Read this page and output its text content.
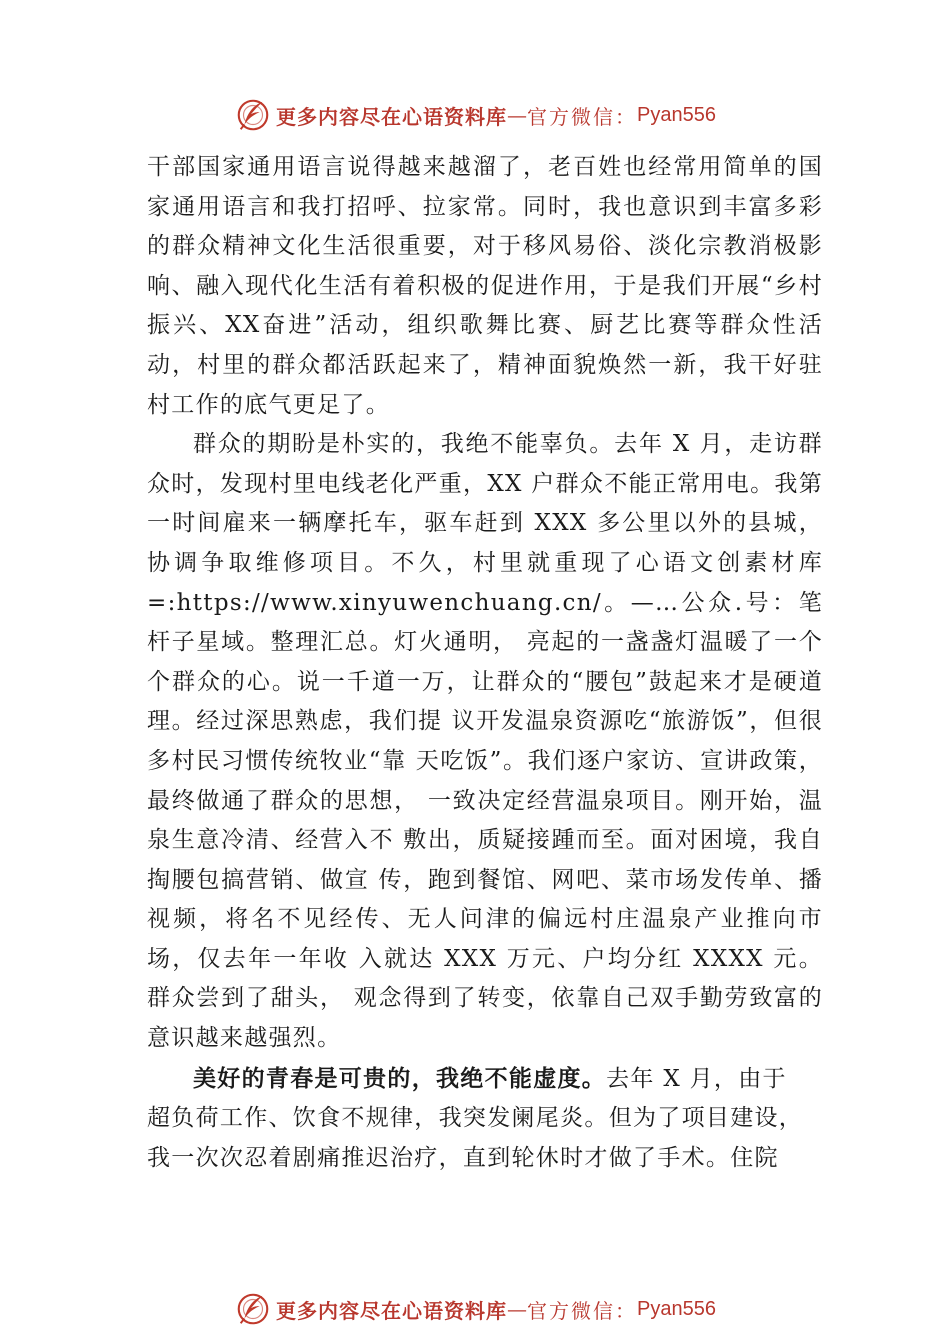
更多内容尽在心语资料库 — 官方微信： Pyan556

干部国家通用语言说得越来越溜了，老百姓也经常用简单的国家通用语言和我打招呼、拉家常。同时，我也意识到丰富多彩的群众精神文化生活很重要，对于移风易俗、淡化宗教消极影响、融入现代化生活有着积极的促进作用，于是我们开展“乡村振兴、XX奋进”活动，组织歌舞比赛、厨艺比赛等群众性活动，村里的群众都活跃起来了，精神面貌焕然一新，我干好驻村工作的底气更足了。

群众的期盼是朴实的，我绝不能辜负。去年 X 月，走访群众时，发现村里电线老化严重，XX 户群众不能正常用电。我第一时间雇来一辆摩托车，驱车赶到 XXX 多公里以外的县城，协调争取维修项目。不久，村里就重现了心语文创素材库=:https://www.xinyuwenchuang.cn/。—…公众.号：笔杆子星域。整理汇总。灯火通明， 亮起的一盏盏灯温暖了一个个群众的心。说一千道一万，让群众的“腰包”鼓起来才是硬道理。经过深思熟虑，我们提 议开发温泉资源吃“旅游饭”，但很多村民习惯传统牧业“靠 天吃饭”。我们逐户家访、宣讲政策，最终做通了群众的思想， 一致决定经营温泉项目。刚开始，温泉生意冷清、经营入不 敷出，质疑接踵而至。面对困境，我自掏腰包搞营销、做宣 传，跑到餐馆、网吧、菜市场发传单、播视频，将名不见经传、无人问津的偏远村庄温泉产业推向市场，仅去年一年收 入就达 XXX 万元、户均分红 XXXX 元。群众尝到了甜头， 观念得到了转变，依靠自己双手勤劳致富的意识越来越强烈。

美好的青春是可贵的，我绝不能虚度。去年 X 月，由于

超负荷工作、饮食不规律，我突发阑尾炎。但为了项目建设，

我一次次忍着剧痛推迟治疗，直到轮休时才做了手术。住院

更多内容尽在心语资料库 — 官方微信： Pyan556
